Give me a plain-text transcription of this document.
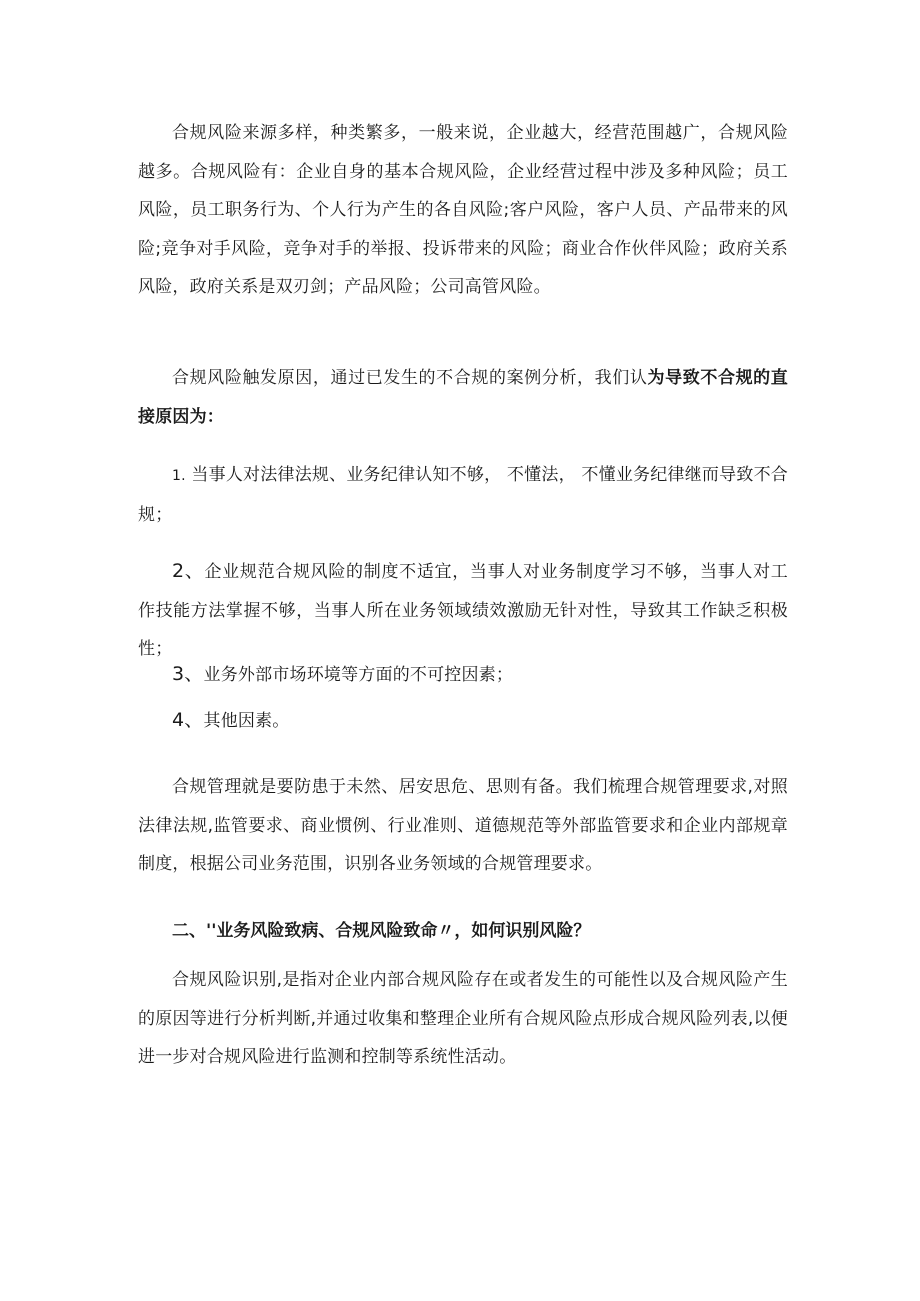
合规风险来源多样，种类繁多，一般来说，企业越大，经营范围越广，合规风险越多。合规风险有：企业自身的基本合规风险，企业经营过程中涉及多种风险；员工风险，员工职务行为、个人行为产生的各自风险;客户风险，客户人员、产品带来的风险;竞争对手风险，竞争对手的举报、投诉带来的风险；商业合作伙伴风险；政府关系风险，政府关系是双刃剑；产品风险；公司高管风险。

合规风险触发原因，通过已发生的不合规的案例分析，我们认为导致不合规的直接原因为：

1. 当事人对法律法规、业务纪律认知不够， 不懂法， 不懂业务纪律继而导致不合规；

2、企业规范合规风险的制度不适宜，当事人对业务制度学习不够，当事人对工作技能方法掌握不够，当事人所在业务领域绩效激励无针对性，导致其工作缺乏积极性；

3、业务外部市场环境等方面的不可控因素；

4、其他因素。

合规管理就是要防患于未然、居安思危、思则有备。我们梳理合规管理要求,对照法律法规,监管要求、商业惯例、行业准则、道德规范等外部监管要求和企业内部规章制度，根据公司业务范围，识别各业务领域的合规管理要求。

二、''业务风险致病、合规风险致命〃，如何识别风险？

合规风险识别,是指对企业内部合规风险存在或者发生的可能性以及合规风险产生的原因等进行分析判断,并通过收集和整理企业所有合规风险点形成合规风险列表,以便进一步对合规风险进行监测和控制等系统性活动。
